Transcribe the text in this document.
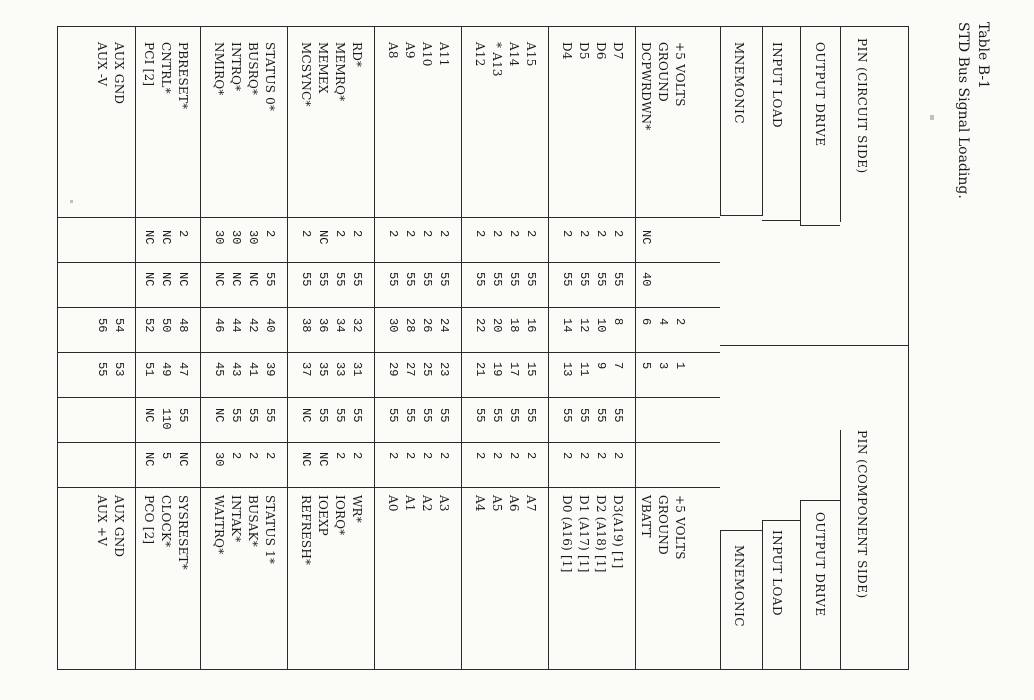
Table B-1
STD Bus Signal Loading.
PIN (CIRCUIT SIDE)
OUTPUT DRIVE
INPUT LOAD
MNEMONIC
PIN (COMPONENT SIDE)
OUTPUT DRIVE
INPUT LOAD
MNEMONIC
+5 VOLTS
GROUND
DCPWRDWN*
D7
D6
D5
D4
A15
A14
* A13
A12
A11
A10
A9
A8
RD*
MEMRQ*
MEMEX
MCSYNC*
STATUS 0*
BUSRQ*
INTRQ*
NMIRQ*
PBRESET*
CNTRL*
PCI [2]
AUX GND
AUX -V
NC
2
2
2
2
2
2
2
2
2
2
2
2
2
2
NC
2
2
30
30
30
2
NC
NC
40
55
55
55
55
55
55
55
55
55
55
55
55
55
55
55
55
55
NC
NC
NC
NC
NC
NC
2
4
6
8
10
12
14
16
18
20
22
24
26
28
30
32
34
36
38
40
42
44
46
48
50
52
54
56
1
3
5
7
9
11
13
15
17
19
21
23
25
27
29
31
33
35
37
39
41
43
45
47
49
51
53
55
55
55
55
55
55
55
55
55
55
55
55
55
55
55
55
NC
55
55
55
NC
55
110
NC
2
2
2
2
2
2
2
2
2
2
2
2
2
2
NC
NC
2
2
2
30
NC
5
NC
+5 VOLTS
GROUND
VBATT
D3(A19) [1]
D2 (A18) [1]
D1 (A17) [1]
D0 (A16) [1]
A7
A6
A5
A4
A3
A2
A1
A0
WR*
IORQ*
IOEXP
REFRESH*
STATUS 1*
BUSAK*
INTAK*
WAITRQ*
SYSRESET*
CLOCK*
PCO [2]
AUX GND
AUX +V
